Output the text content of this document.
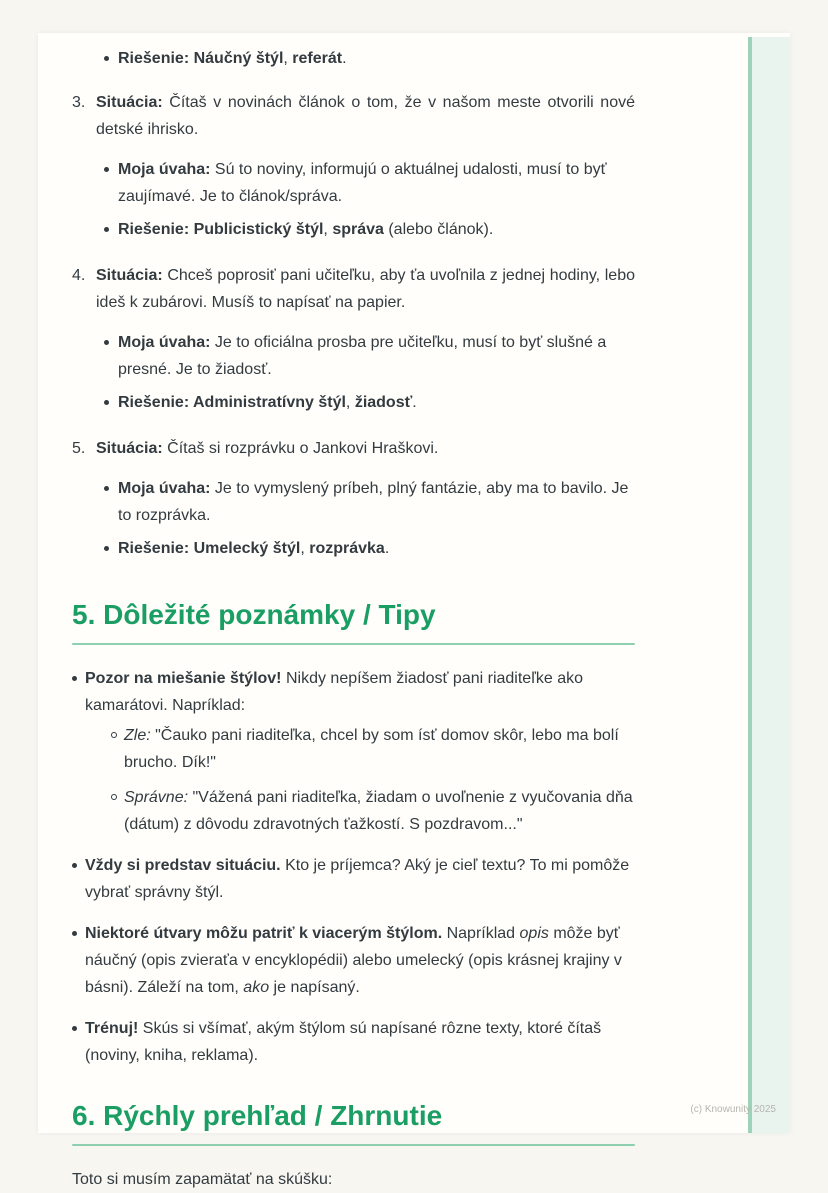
Riešenie: Náučný štýl, referát.
3. Situácia: Čítaš v novinách článok o tom, že v našom meste otvorili nové detské ihrisko.

Moja úvaha: Sú to noviny, informujú o aktuálnej udalosti, musí to byť zaujímavé. Je to článok/správa.
Riešenie: Publicistický štýl, správa (alebo článok).
4. Situácia: Chceš poprosiť pani učiteľku, aby ťa uvoľnila z jednej hodiny, lebo ideš k zubárovi. Musíš to napísať na papier.

Moja úvaha: Je to oficiálna prosba pre učiteľku, musí to byť slušné a presné. Je to žiadosť.
Riešenie: Administratívny štýl, žiadosť.
5. Situácia: Čítaš si rozprávku o Jankovi Hraškovi.

Moja úvaha: Je to vymyslený príbeh, plný fantázie, aby ma to bavilo. Je to rozprávka.
Riešenie: Umelecký štýl, rozprávka.
5. Dôležité poznámky / Tipy
Pozor na miešanie štýlov! Nikdy nepíšem žiadosť pani riaditeľke ako kamarátovi. Napríklad:
Zle: "Čauko pani riaditeľka, chcel by som ísť domov skôr, lebo ma bolí brucho. Dík!"
Správne: "Vážená pani riaditeľka, žiadam o uvoľnenie z vyučovania dňa (dátum) z dôvodu zdravotných ťažkostí. S pozdravom..."
Vždy si predstav situáciu. Kto je príjemca? Aký je cieľ textu? To mi pomôže vybrať správny štýl.
Niektoré útvary môžu patriť k viacerým štýlom. Napríklad opis môže byť náučný (opis zvieraťa v encyklopédii) alebo umelecký (opis krásnej krajiny v básni). Záleží na tom, ako je napísaný.
Trénuj! Skús si všímať, akým štýlom sú napísané rôzne texty, ktoré čítaš (noviny, kniha, reklama).
6. Rýchly prehľad / Zhrnutie

Toto si musím zapamätať na skúšku:

(c) Knowunity 2025
